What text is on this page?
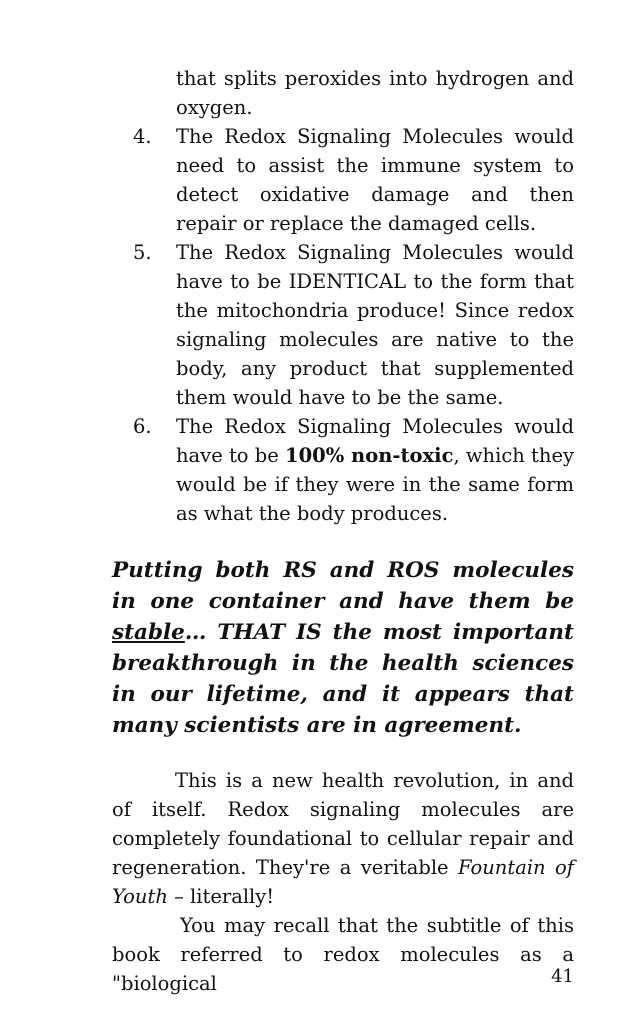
that splits peroxides into hydrogen and oxygen.
4. The Redox Signaling Molecules would need to assist the immune system to detect oxidative damage and then repair or replace the damaged cells.
5. The Redox Signaling Molecules would have to be IDENTICAL to the form that the mitochondria produce! Since redox signaling molecules are native to the body, any product that supplemented them would have to be the same.
6. The Redox Signaling Molecules would have to be 100% non-toxic, which they would be if they were in the same form as what the body produces.

Putting both RS and ROS molecules in one container and have them be stable… THAT IS the most important breakthrough in the health sciences in our lifetime, and it appears that many scientists are in agreement.

This is a new health revolution, in and of itself. Redox signaling molecules are completely foundational to cellular repair and regeneration. They're a veritable Fountain of Youth – literally!

You may recall that the subtitle of this book referred to redox molecules as a "biological	41
